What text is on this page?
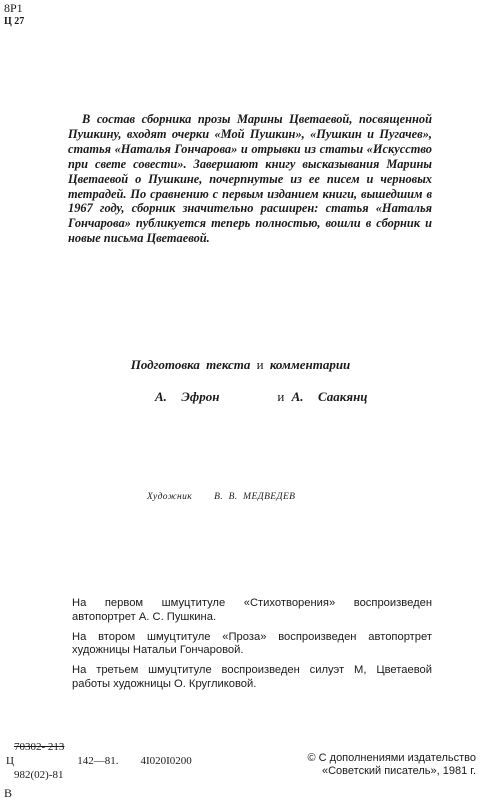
8Р1
Ц 27
В состав сборника прозы Марины Цветаевой, посвященной Пушкину, входят очерки «Мой Пушкин», «Пушкин и Пугачев», статья «Наталья Гончарова» и отрывки из статьи «Искусство при свете совести». Завершают книгу высказывания Марины Цветаевой о Пушкине, почерпнутые из ее писем и черновых тетрадей. По сравнению с первым изданием книги, вышедшим в 1967 году, сборник значительно расширен: статья «Наталья Гончарова» публикуется теперь полностью, вошли в сборник и новые письма Цветаевой.
Подготовка текста и комментарии
А.  Эфрон	и А.  Саакянц
Художник В.  В.  МЕДВЕДЕВ

На первом шмуцтитуле «Стихотворения» воспроизведен автопортрет А. С. Пушкина.

На втором шмуцтитуле «Проза» воспроизведен автопортрет художницы Натальи Гончаровой.

На третьем шмуцтитуле воспроизведен силуэт М, Цветаевой работы художницы О. Кругликовой.

70302- 213
Ц	142—81. 4I020I0200
982(02)-81
© С дополнениями издательство
«Советский писатель», 1981 г.
В
